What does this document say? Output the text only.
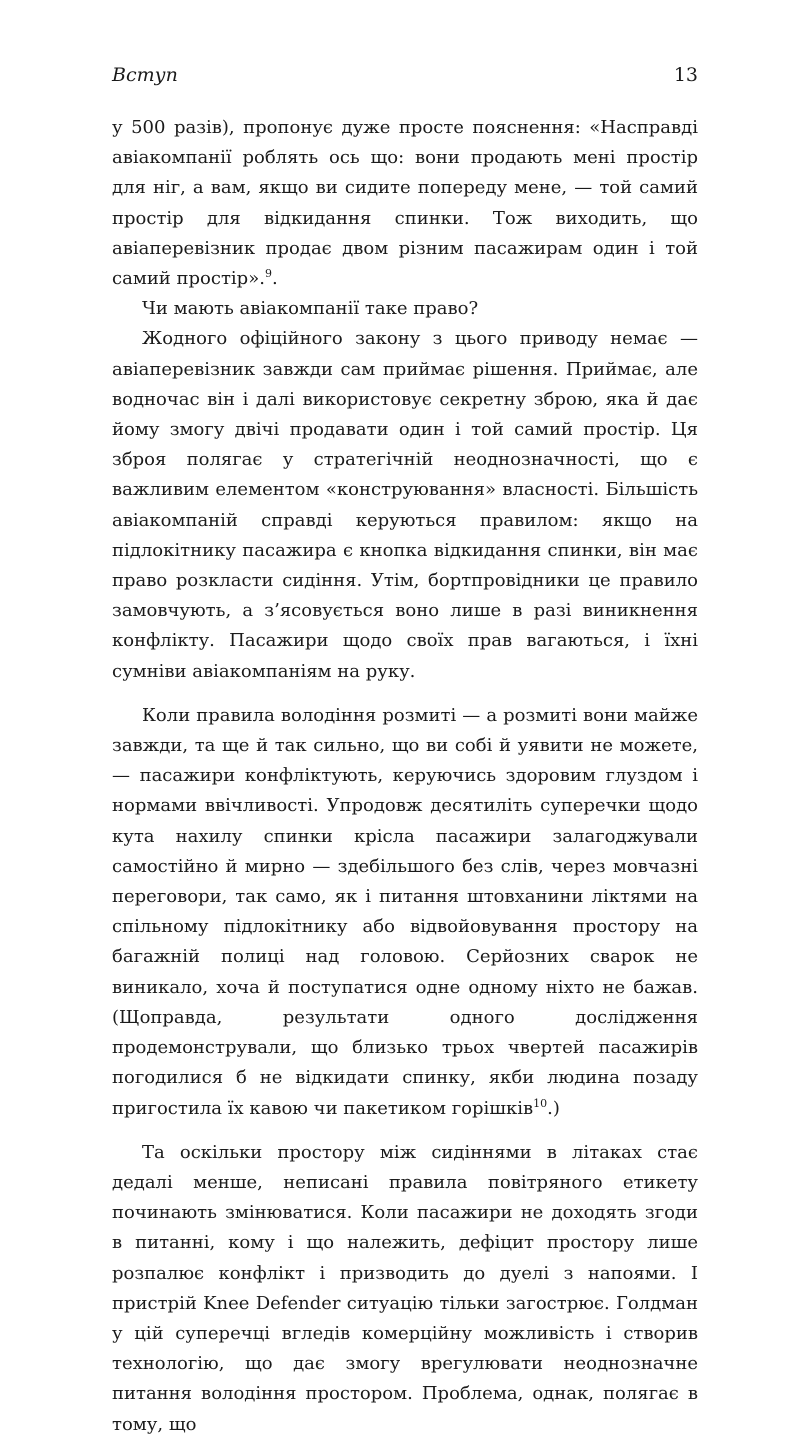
Вступ	13

у 500 разів), пропонує дуже просте пояснення: «Насправді авіакомпанії роблять ось що: вони продають мені простір для ніг, а вам, якщо ви сидите попереду мене, — той самий простір для відкидання спинки. Тож виходить, що авіаперевізник продає двом різним пасажирам один і той самий простір».$^9$.

Чи мають авіакомпанії таке право?

Жодного офіційного закону з цього приводу немає — авіаперевізник завжди сам приймає рішення. Приймає, але водночас він і далі використовує секретну зброю, яка й дає йому змогу двічі продавати один і той самий простір. Ця зброя полягає у стратегічній неоднозначності, що є важливим елементом «конструювання» власності. Більшість авіакомпаній справді керуються правилом: якщо на підлокітнику пасажира є кнопка відкидання спинки, він має право розкласти сидіння. Утім, бортпровідники це правило замовчують, а з’ясовується воно лише в разі виникнення конфлікту. Пасажири щодо своїх прав вагаються, і їхні сумніви авіакомпаніям на руку.

Коли правила володіння розмиті — а розмиті вони майже завжди, та ще й так сильно, що ви собі й уявити не можете, — пасажири конфліктують, керуючись здоровим глуздом і нормами ввічливості. Упродовж десятиліть суперечки щодо кута нахилу спинки крісла пасажири залагоджували самостійно й мирно — здебільшого без слів, через мовчазні переговори, так само, як і питання штовханини ліктями на спільному підлокітнику або відвойовування простору на багажній полиці над головою. Серйозних сварок не виникало, хоча й поступатися одне одному ніхто не бажав. (Щоправда, результати одного дослідження продемонстрували, що близько трьох чвертей пасажирів погодилися б не відкидати спинку, якби людина позаду пригостила їх кавою чи пакетиком горішків$^{10}$.)

Та оскільки простору між сидіннями в літаках стає дедалі менше, неписані правила повітряного етикету починають змінюватися. Коли пасажири не доходять згоди в питанні, кому і що належить, дефіцит простору лише розпалює конфлікт і призводить до дуелі з напоями. І пристрій Knee Defender ситуацію тільки загострює. Голдман у цій суперечці вгледів комерційну можливість і створив технологію, що дає змогу врегулювати неоднозначне питання володіння простором. Проблема, однак, полягає в тому, що
